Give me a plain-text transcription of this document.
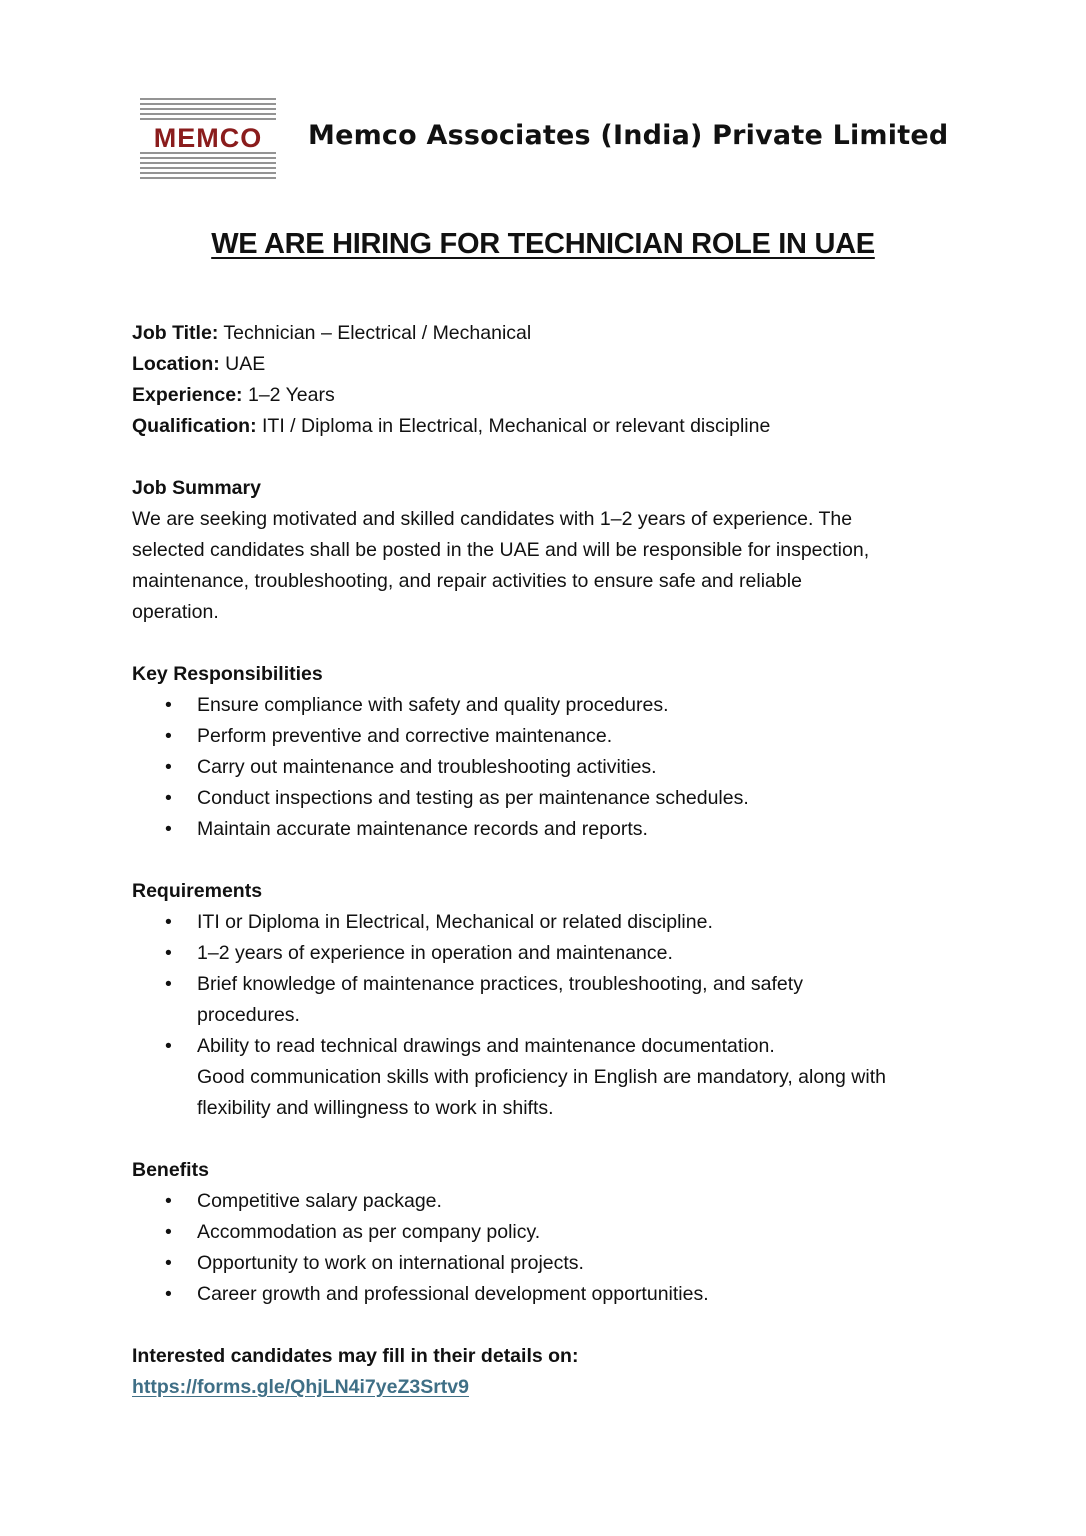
MEMCO Memco Associates (India) Private Limited
WE ARE HIRING FOR TECHNICIAN ROLE IN UAE
Job Title: Technician – Electrical / Mechanical
Location: UAE
Experience: 1–2 Years
Qualification: ITI / Diploma in Electrical, Mechanical or relevant discipline
Job Summary
We are seeking motivated and skilled candidates with 1–2 years of experience. The
selected candidates shall be posted in the UAE and will be responsible for inspection,
maintenance, troubleshooting, and repair activities to ensure safe and reliable
operation.
Key Responsibilities
• Ensure compliance with safety and quality procedures.
• Perform preventive and corrective maintenance.
• Carry out maintenance and troubleshooting activities.
• Conduct inspections and testing as per maintenance schedules.
• Maintain accurate maintenance records and reports.
Requirements
• ITI or Diploma in Electrical, Mechanical or related discipline.
• 1–2 years of experience in operation and maintenance.
• Brief knowledge of maintenance practices, troubleshooting, and safety
procedures.
• Ability to read technical drawings and maintenance documentation.
Good communication skills with proficiency in English are mandatory, along with
flexibility and willingness to work in shifts.
Benefits
• Competitive salary package.
• Accommodation as per company policy.
• Opportunity to work on international projects.
• Career growth and professional development opportunities.
Interested candidates may fill in their details on:
https://forms.gle/QhjLN4i7yeZ3Srtv9
